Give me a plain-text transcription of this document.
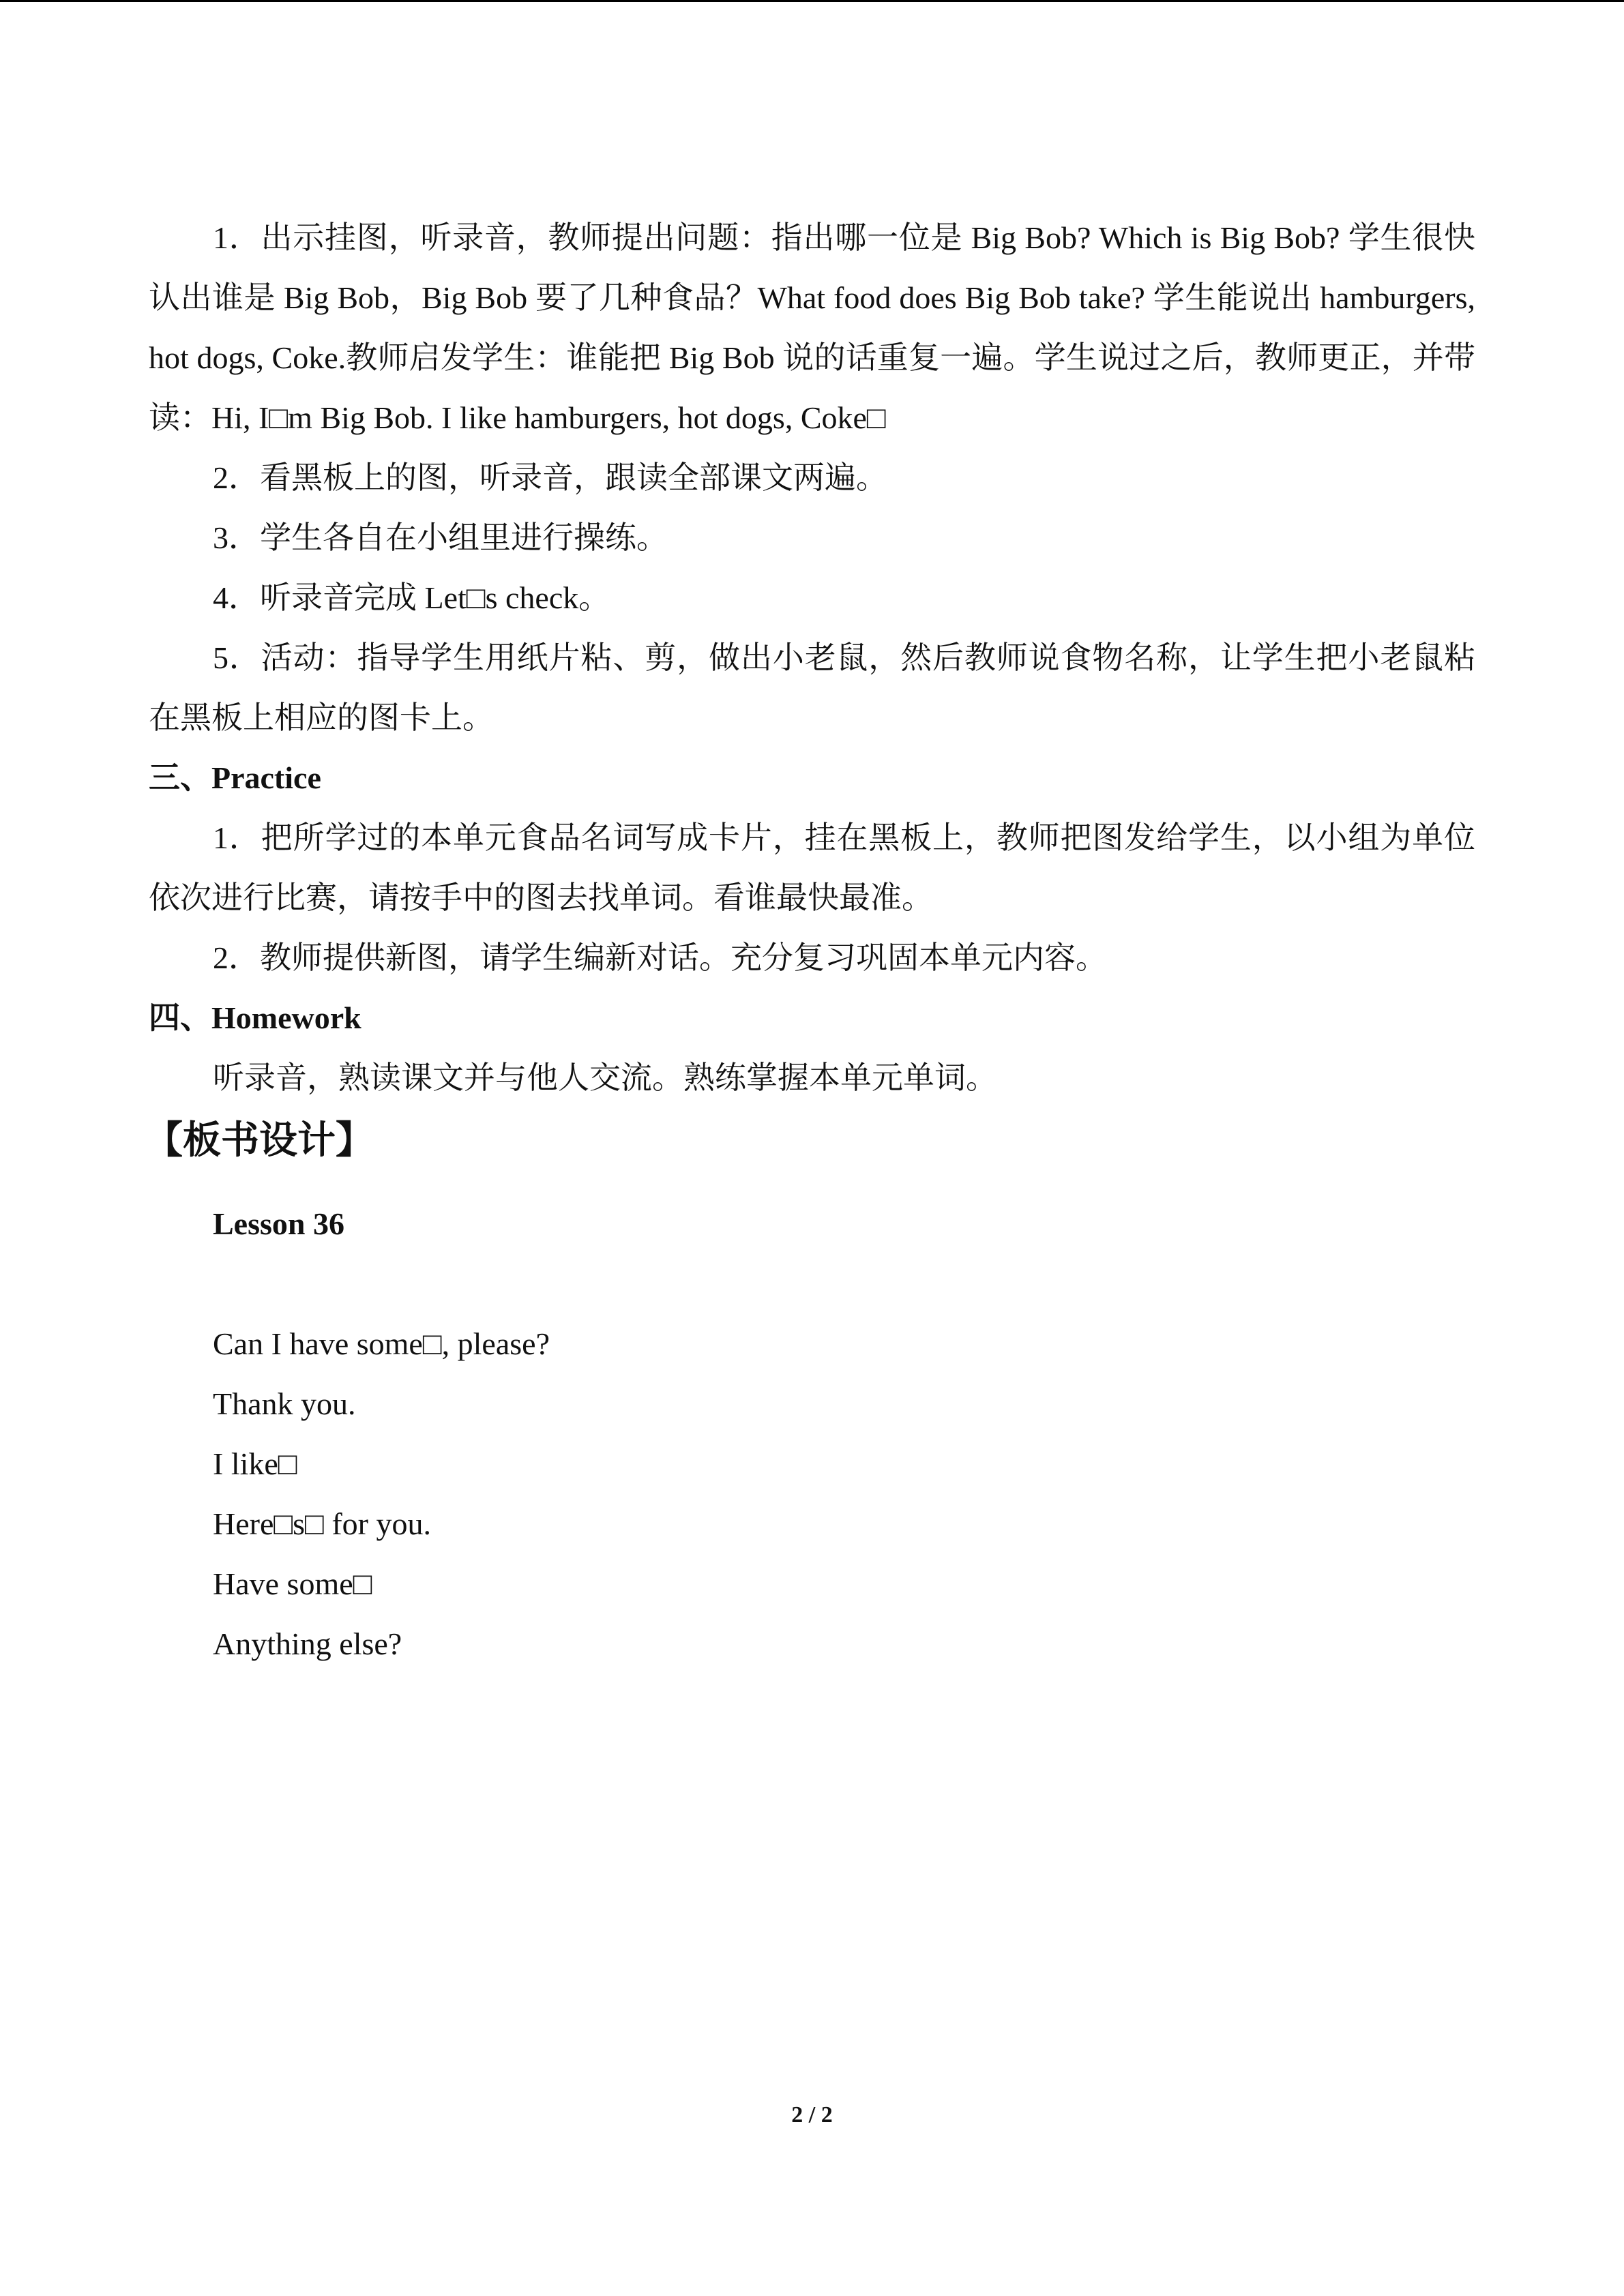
1．出示挂图，听录音，教师提出问题：指出哪一位是 Big Bob? Which is Big Bob? 学生很快认出谁是 Big Bob，Big Bob 要了几种食品？What food does Big Bob take? 学生能说出 hamburgers, hot dogs, Coke.教师启发学生：谁能把 Big Bob 说的话重复一遍。学生说过之后，教师更正，并带读：Hi, I□m Big Bob. I like hamburgers, hot dogs, Coke□

2．看黑板上的图，听录音，跟读全部课文两遍。

3．学生各自在小组里进行操练。

4．听录音完成 Let□s check。

5．活动：指导学生用纸片粘、剪，做出小老鼠，然后教师说食物名称，让学生把小老鼠粘在黑板上相应的图卡上。

三、Practice

1．把所学过的本单元食品名词写成卡片，挂在黑板上，教师把图发给学生，以小组为单位依次进行比赛，请按手中的图去找单词。看谁最快最准。

2．教师提供新图，请学生编新对话。充分复习巩固本单元内容。

四、Homework

听录音，熟读课文并与他人交流。熟练掌握本单元单词。

【板书设计】

Lesson 36

Can I have some□, please?

Thank you.

I like□

Here□s□ for you.

Have some□

Anything else?

2 / 2
